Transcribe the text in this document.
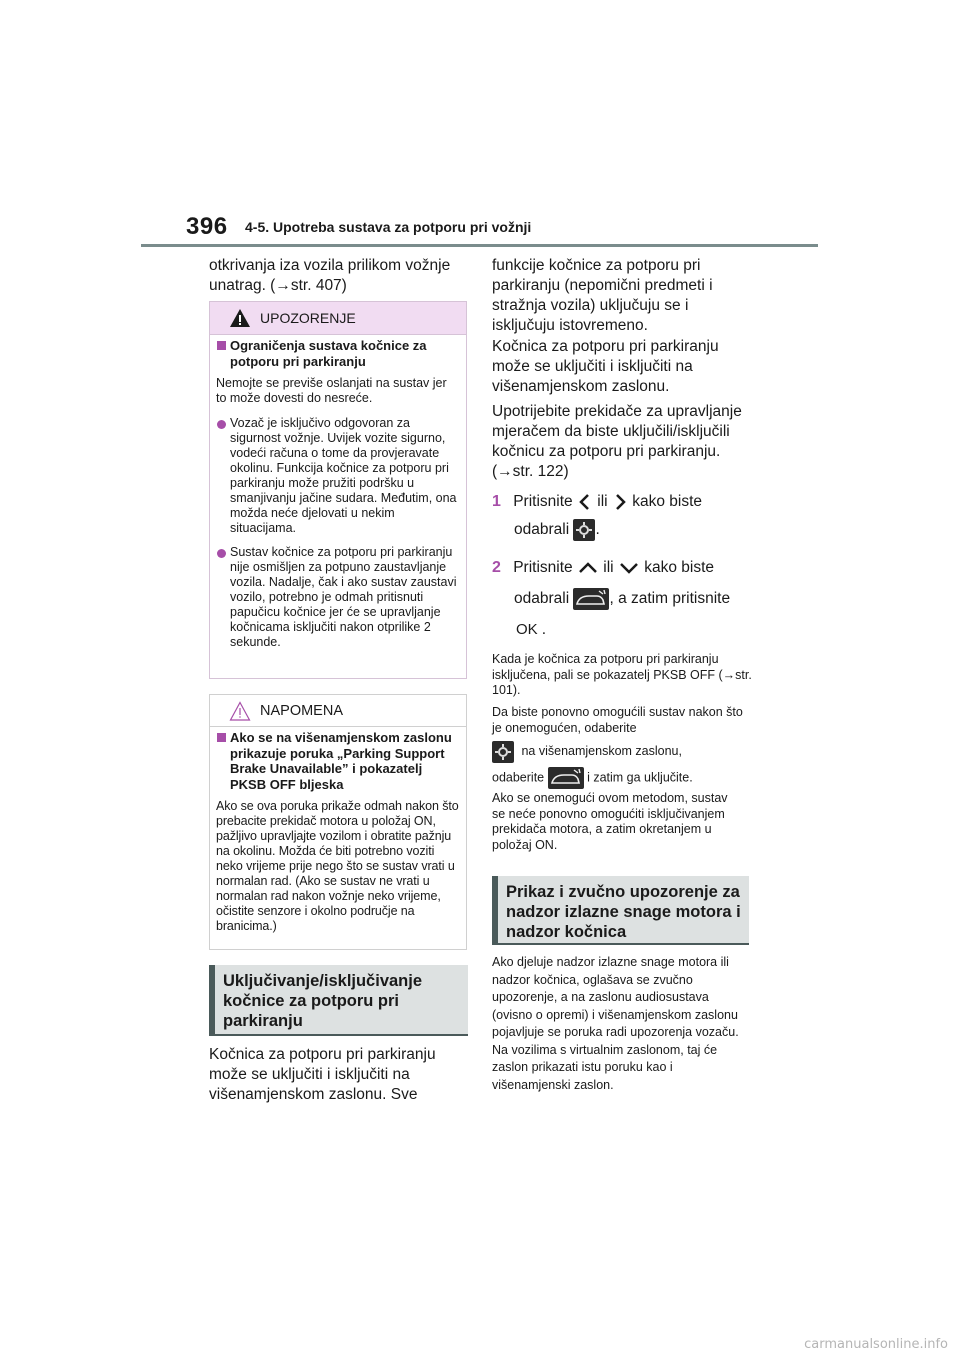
396 4-5. Upotreba sustava za potporu pri vožnji
otkrivanja iza vozila prilikom vožnje unatrag. (→str. 407)
UPOZORENJE
Ograničenja sustava kočnice za potporu pri parkiranju
Nemojte se previše oslanjati na sustav jer to može dovesti do nesreće.
Vozač je isključivo odgovoran za sigurnost vožnje. Uvijek vozite sigurno, vodeći računa o tome da provjeravate okolinu. Funkcija kočnice za potporu pri parkiranju može pružiti podršku u smanjivanju jačine sudara. Međutim, ona možda neće djelovati u nekim situacijama.
Sustav kočnice za potporu pri parkiranju nije osmišljen za potpuno zaustavljanje vozila. Nadalje, čak i ako sustav zaustavi vozilo, potrebno je odmah pritisnuti papučicu kočnice jer će se upravljanje kočnicama isključiti nakon otprilike 2 sekunde.
NAPOMENA
Ako se na višenamjenskom zaslonu prikazuje poruka „Parking Support Brake Unavailable” i pokazatelj PKSB OFF bljeska
Ako se ova poruka prikaže odmah nakon što prebacite prekidač motora u položaj ON, pažljivo upravljajte vozilom i obratite pažnju na okolinu. Možda će biti potrebno voziti neko vrijeme prije nego što se sustav vrati u normalan rad. (Ako se sustav ne vrati u normalan rad nakon vožnje neko vrijeme, očistite senzore i okolno područje na branicima.)
Uključivanje/isključivanje kočnice za potporu pri parkiranju
Kočnica za potporu pri parkiranju može se uključiti i isključiti na višenamjenskom zaslonu. Sve
funkcije kočnice za potporu pri parkiranju (nepomični predmeti i stražnja vozila) uključuju se i isključuju istovremeno.
Kočnica za potporu pri parkiranju može se uključiti i isključiti na višenamjenskom zaslonu.
Upotrijebite prekidače za upravljanje mjeračem da biste uključili/isključili kočnicu za potporu pri parkiranju. (→str. 122)
1 Pritisnite ili kako biste
odabrali .
2 Pritisnite ili kako biste
odabrali	, a zatim pritisnite
OK .
Kada je kočnica za potporu pri parkiranju isključena, pali se pokazatelj PKSB OFF (→str. 101).
Da biste ponovno omogućili sustav nakon što je onemogućen, odaberite
na višenamjenskom zaslonu,
odaberite	i zatim ga uključite.
Ako se onemogući ovom metodom, sustav se neće ponovno omogućiti isključivanjem prekidača motora, a zatim okretanjem u položaj ON.
Prikaz i zvučno upozorenje za nadzor izlazne snage motora i nadzor kočnica
Ako djeluje nadzor izlazne snage motora ili nadzor kočnica, oglašava se zvučno upozorenje, a na zaslonu audiosustava (ovisno o opremi) i višenamjenskom zaslonu pojavljuje se poruka radi upozorenja vozaču. Na vozilima s virtualnim zaslonom, taj će zaslon prikazati istu poruku kao i višenamjenski zaslon.
carmanualsonline.info
